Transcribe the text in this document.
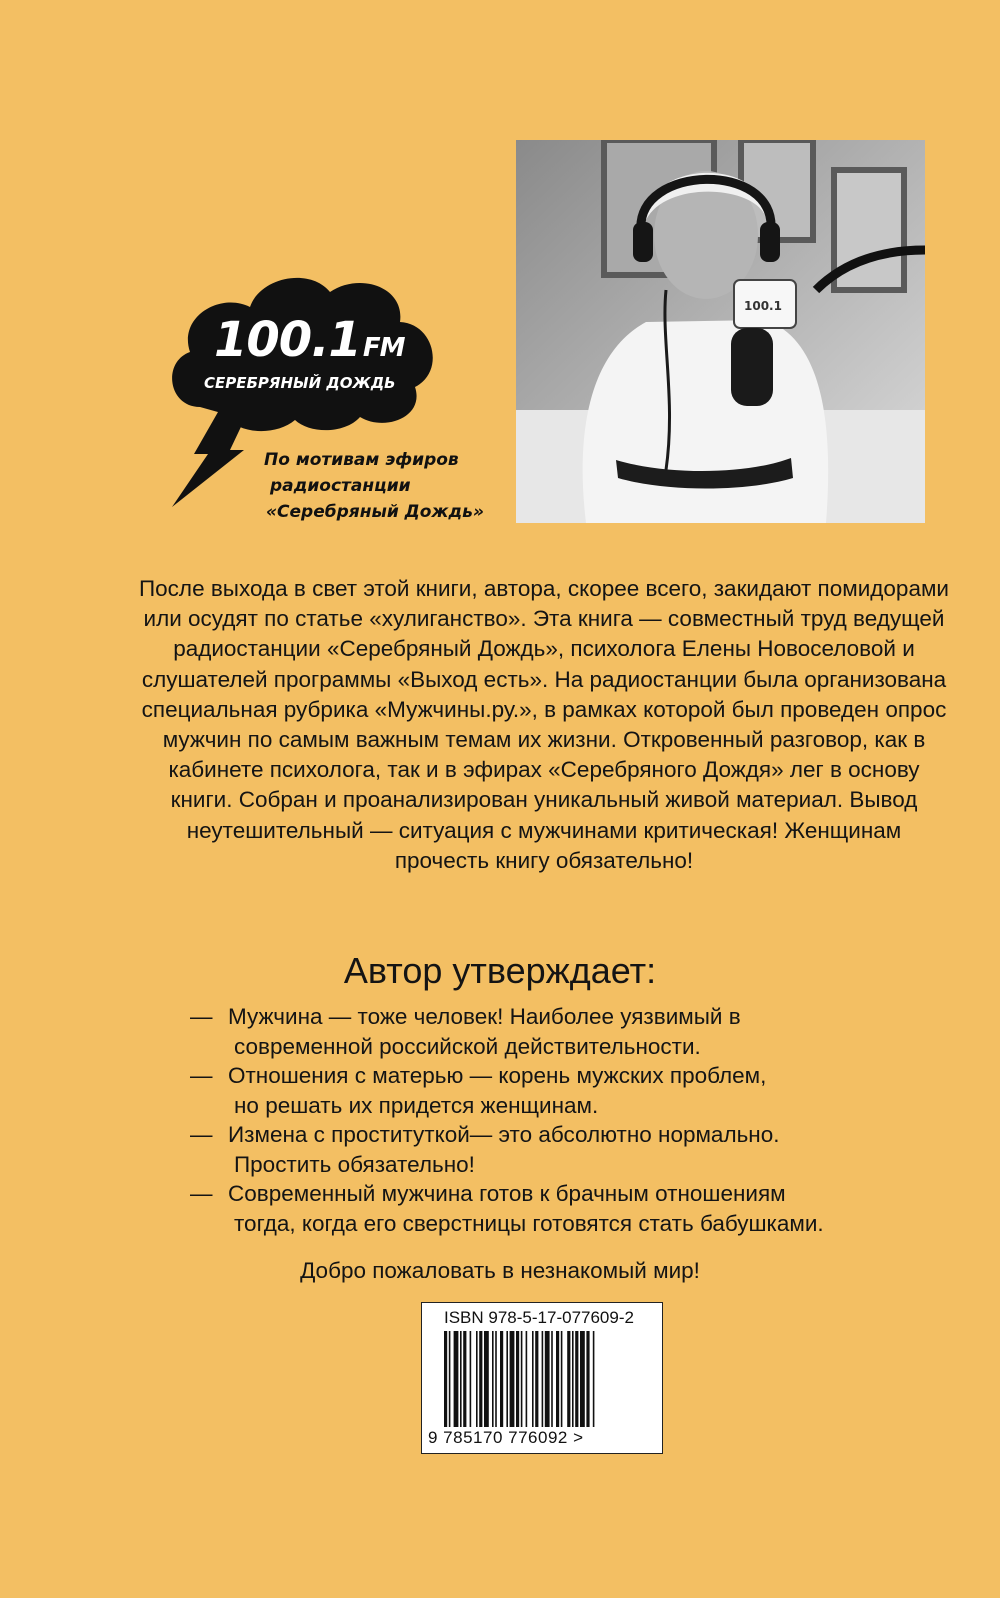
100.1FM
СЕРЕБРЯНЫЙ ДОЖДЬ
По мотивам эфиров
радиостанции
«Серебряный Дождь»
100.1
После выхода в свет этой книги, автора, скорее всего, закидают помидорами или осудят по статье «хулиганство». Эта книга — совместный труд ведущей радиостанции «Серебряный Дождь», психолога Елены Новоселовой и слушателей программы «Выход есть». На радиостанции была организована специальная рубрика «Мужчины.ру.», в рамках которой был проведен опрос мужчин по самым важным темам их жизни. Откровенный разговор, как в кабинете психолога, так и в эфирах «Серебряного Дождя» лег в основу книги. Собран и проанализирован уникальный живой материал. Вывод неутешительный — ситуация с мужчинами критическая! Женщинам прочесть книгу обязательно!
Автор утверждает:
— Мужчина — тоже человек! Наиболее уязвимый в
современной российской действительности.
— Отношения с матерью — корень мужских проблем,
но решать их придется женщинам.
— Измена с проституткой— это абсолютно нормально.
Простить обязательно!
— Современный мужчина готов к брачным отношениям
тогда, когда его сверстницы готовятся стать бабушками.
Добро пожаловать в незнакомый мир!
ISBN 978-5-17-077609-2
9 785170 776092 >
